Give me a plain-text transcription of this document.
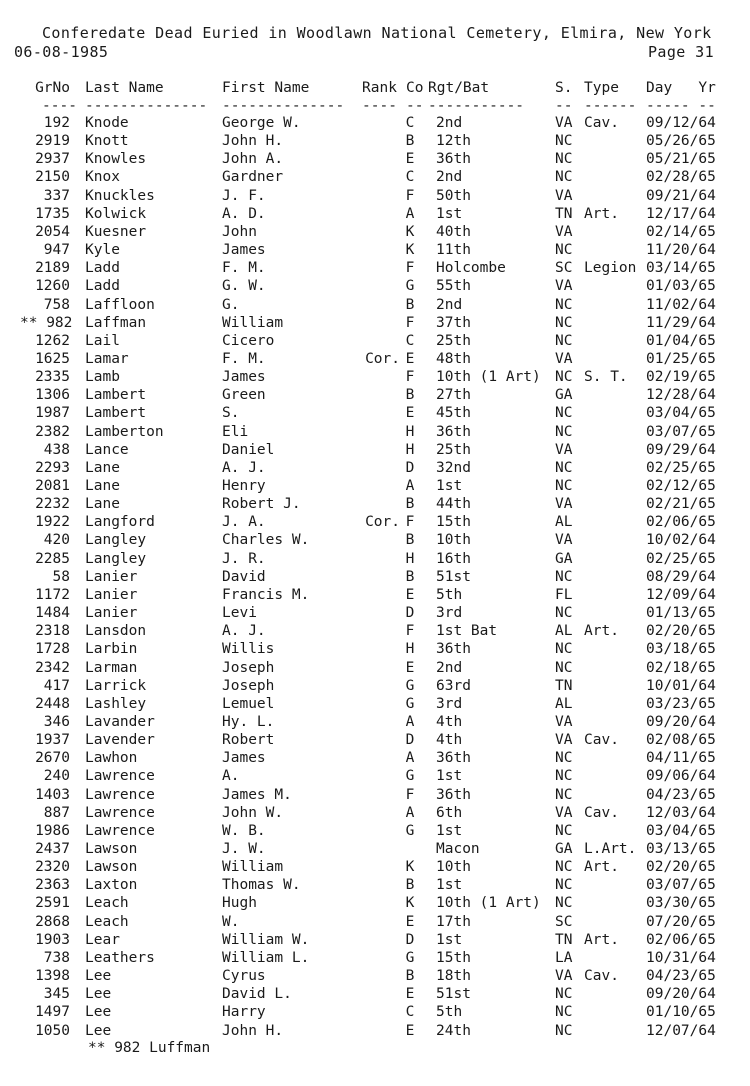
Conferedate Dead Euried in Woodlawn National Cemetery, Elmira, New York
06-08-1985	Page 31
GrNo Last Name	First Name	Rank Co Rgt/Bat	S. Type Day   Yr
---- -------------- -------------- ---- -- ----------- -- ------ ----- --
192 Knode	George W.	C 2nd	VA Cav. 09/12/64
2919 Knott	John H.	B 12th	NC	05/26/65
2937 Knowles	John A.	E 36th	NC	05/21/65
2150 Knox	Gardner	C 2nd	NC	02/28/65
337 Knuckles	J. F.	F 50th	VA	09/21/64
1735 Kolwick	A. D.	A 1st	TN Art. 12/17/64
2054 Kuesner	John	K 40th	VA	02/14/65
947 Kyle	James	K 11th	NC	11/20/64
2189 Ladd	F. M.	F Holcombe	SC Legion 03/14/65
1260 Ladd	G. W.	G 55th	VA	01/03/65
758 Laffloon	G.	B 2nd	NC	11/02/64
** 982 Laffman	William	F 37th	NC	11/29/64
1262 Lail	Cicero	C 25th	NC	01/04/65
1625 Lamar	F. M.	Cor. E 48th	VA	01/25/65
2335 Lamb	James	F 10th (1 Art) NC S. T. 02/19/65
1306 Lambert	Green	B 27th	GA	12/28/64
1987 Lambert	S.	E 45th	NC	03/04/65
2382 Lamberton	Eli	H 36th	NC	03/07/65
438 Lance	Daniel	H 25th	VA	09/29/64
2293 Lane	A. J.	D 32nd	NC	02/25/65
2081 Lane	Henry	A 1st	NC	02/12/65
2232 Lane	Robert J.	B 44th	VA	02/21/65
1922 Langford	J. A.	Cor. F 15th	AL	02/06/65
420 Langley	Charles W.	B 10th	VA	10/02/64
2285 Langley	J. R.	H 16th	GA	02/25/65
58 Lanier	David	B 51st	NC	08/29/64
1172 Lanier	Francis M.	E 5th	FL	12/09/64
1484 Lanier	Levi	D 3rd	NC	01/13/65
2318 Lansdon	A. J.	F 1st Bat	AL Art. 02/20/65
1728 Larbin	Willis	H 36th	NC	03/18/65
2342 Larman	Joseph	E 2nd	NC	02/18/65
417 Larrick	Joseph	G 63rd	TN	10/01/64
2448 Lashley	Lemuel	G 3rd	AL	03/23/65
346 Lavander	Hy. L.	A 4th	VA	09/20/64
1937 Lavender	Robert	D 4th	VA Cav. 02/08/65
2670 Lawhon	James	A 36th	NC	04/11/65
240 Lawrence	A.	G 1st	NC	09/06/64
1403 Lawrence	James M.	F 36th	NC	04/23/65
887 Lawrence	John W.	A 6th	VA Cav. 12/03/64
1986 Lawrence	W. B.	G 1st	NC	03/04/65
2437 Lawson	J. W.	Macon	GA L.Art. 03/13/65
2320 Lawson	William	K 10th	NC Art. 02/20/65
2363 Laxton	Thomas W.	B 1st	NC	03/07/65
2591 Leach	Hugh	K 10th (1 Art) NC	03/30/65
2868 Leach	W.	E 17th	SC	07/20/65
1903 Lear	William W.	D 1st	TN Art. 02/06/65
738 Leathers	William L.	G 15th	LA	10/31/64
1398 Lee	Cyrus	B 18th	VA Cav. 04/23/65
345 Lee	David L.	E 51st	NC	09/20/64
1497 Lee	Harry	C 5th	NC	01/10/65
1050 Lee	John H.	E 24th	NC	12/07/64
** 982 Luffman
